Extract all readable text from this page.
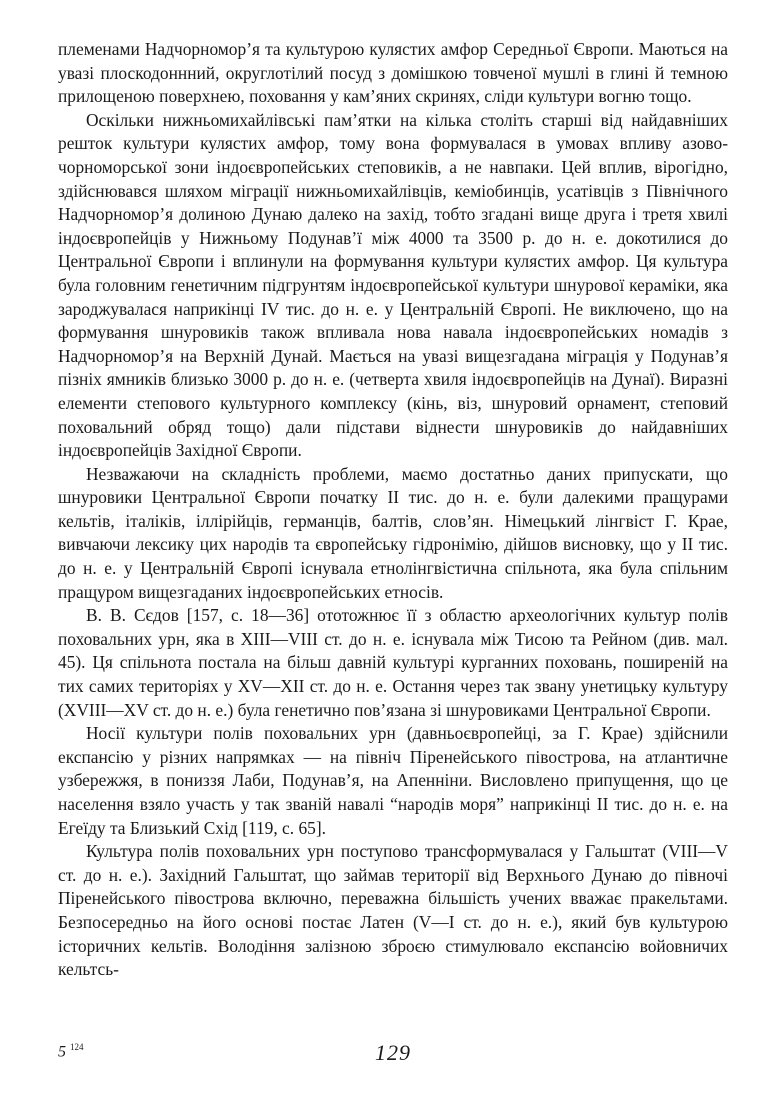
племенами Надчорномор’я та культурою кулястих амфор Середньої Європи. Маються на увазі плоскодоннний, округлотілий посуд з домішкою товченої мушлі в глині й темною прилощеною поверхнею, поховання у кам’яних скринях, сліди культури вогню тощо.

Оскільки нижньомихайлівські пам’ятки на кілька століть старші від найдавніших решток культури кулястих амфор, тому вона формувалася в умовах впливу азово-чорноморської зони індоєвропейських степовиків, а не навпаки. Цей вплив, вірогідно, здійснювався шляхом міграції нижньомихайлівців, кеміобинців, усатівців з Північного Надчорномор’я долиною Дунаю далеко на захід, тобто згадані вище друга і третя хвилі індоєвропейців у Нижньому Подунав’ї між 4000 та 3500 р. до н. е. докотилися до Центральної Європи і вплинули на формування культури кулястих амфор. Ця культура була головним генетичним підгрунтям індоєвропейської культури шнурової кераміки, яка зароджувалася наприкінці IV тис. до н. е. у Центральній Європі. Не виключено, що на формування шнуровиків також впливала нова навала індоєвропейських номадів з Надчорномор’я на Верхній Дунай. Мається на увазі вищезгадана міграція у Подунав’я пізніх ямників близько 3000 р. до н. е. (четверта хвиля індоєвропейців на Дунаї). Виразні елементи степового культурного комплексу (кінь, віз, шнуровий орнамент, степовий поховальний обряд тощо) дали підстави віднести шнуровиків до найдавніших індоєвропейців Західної Європи.

Незважаючи на складність проблеми, маємо достатньо даних припускати, що шнуровики Центральної Європи початку II тис. до н. е. були далекими пращурами кельтів, італіків, іллірійців, германців, балтів, слов’ян. Німецький лінгвіст Г. Крае, вивчаючи лексику цих народів та європейську гідронімію, дійшов висновку, що у II тис. до н. е. у Центральній Європі існувала етнолінгвістична спільнота, яка була спільним пращуром вищезгаданих індоєвропейських етносів.

В. В. Сєдов [157, с. 18—36] ототожнює її з областю археологічних культур полів поховальних урн, яка в XIII—VIII ст. до н. е. існувала між Тисою та Рейном (див. мал. 45). Ця спільнота постала на більш давній культурі курганних поховань, поширеній на тих самих територіях у XV—XII ст. до н. е. Остання через так звану унетицьку культуру (XVIII—XV ст. до н. е.) була генетично пов’язана зі шнуровиками Центральної Європи.

Носії культури полів поховальних урн (давньоєвропейці, за Г. Крае) здійснили експансію у різних напрямках — на північ Піренейського півострова, на атлантичне узбережжя, в пониззя Лаби, Подунав’я, на Апенніни. Висловлено припущення, що це населення взяло участь у так званій навалі “народів моря” наприкінці II тис. до н. е. на Егеїду та Близький Схід [119, с. 65].

Культура полів поховальних урн поступово трансформувалася у Гальштат (VIII—V ст. до н. е.). Західний Гальштат, що займав території від Верхнього Дунаю до півночі Піренейського півострова включно, переважна більшість учених вважає пракельтами. Безпосередньо на його основі постає Латен (V—I ст. до н. е.), який був культурою історичних кельтів. Володіння залізною зброєю стимулювало експансію войовничих кельтсь-

5 $^{124}$	129
